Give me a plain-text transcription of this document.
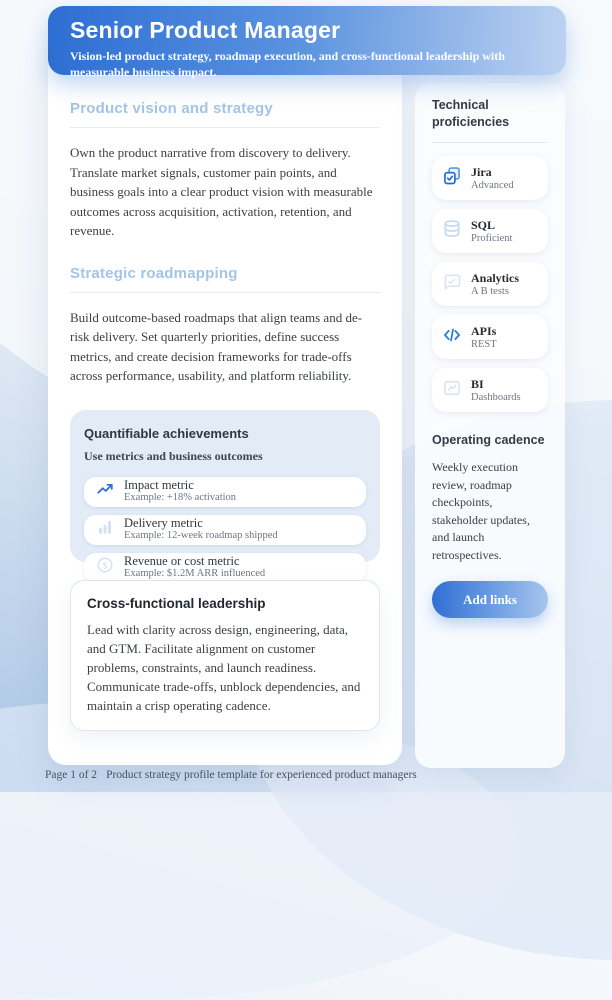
Senior Product Manager
Vision-led product strategy, roadmap execution, and cross-functional leadership with measurable business impact.
Product vision and strategy

Own the product narrative from discovery to delivery. Translate market signals, customer pain points, and business goals into a clear product vision with measurable outcomes across acquisition, activation, retention, and revenue.

Strategic roadmapping

Build outcome-based roadmaps that align teams and de-risk delivery. Set quarterly priorities, define success metrics, and create decision frameworks for trade-offs across performance, usability, and platform reliability.

Quantifiable achievements
Use metrics and business outcomes
Impact metric
Example: +18% activation
Delivery metric
Example: 12-week roadmap shipped
$ Revenue or cost metric
Example: $1.2M ARR influenced
Cross-functional leadership

Lead with clarity across design, engineering, data, and GTM. Facilitate alignment on customer problems, constraints, and launch readiness. Communicate trade-offs, unblock dependencies, and maintain a crisp operating cadence.

Technical proficiencies
Jira
Advanced
SQL
Proficient
Analytics
A B tests
APIs
REST
BI
Dashboards
Operating cadence

Weekly execution review, roadmap checkpoints, stakeholder updates, and launch retrospectives.

Add links
Page 1 of 2 Product strategy profile template for experienced product managers
